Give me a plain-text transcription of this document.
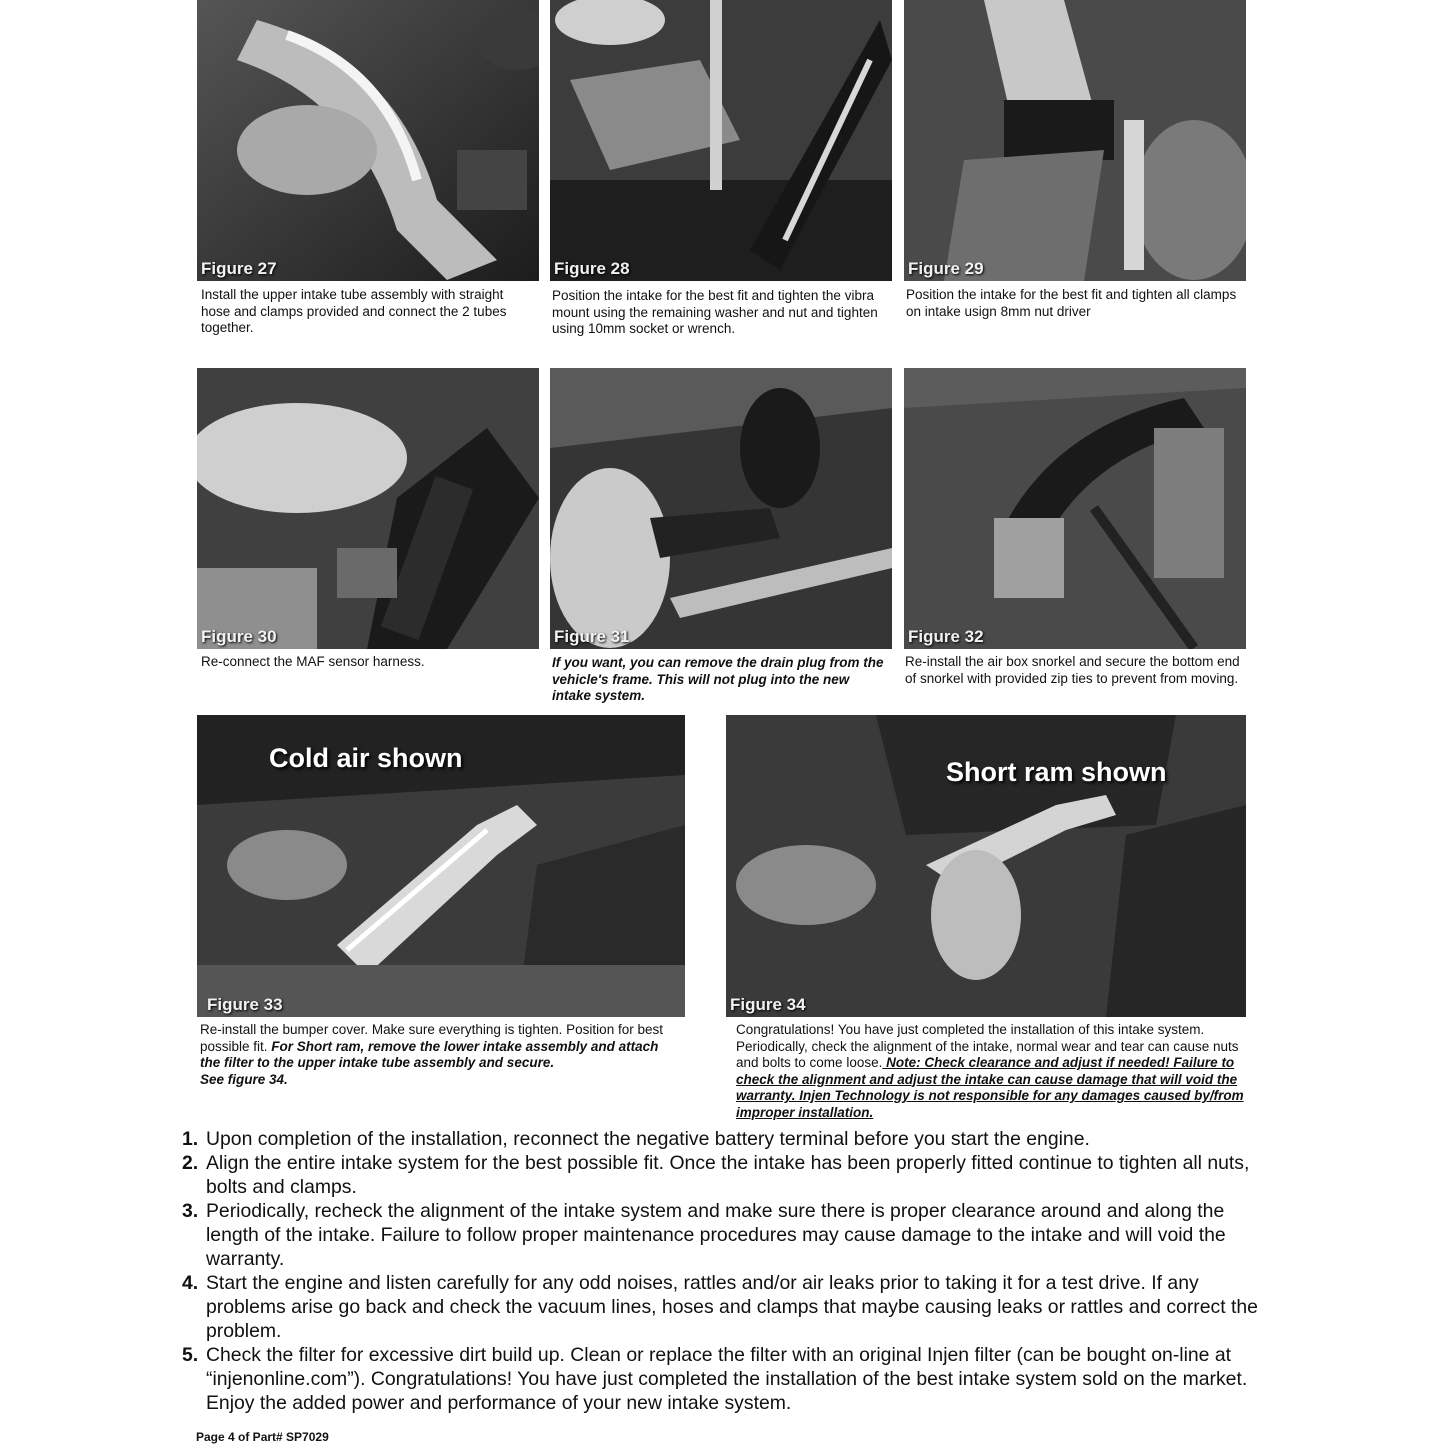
Figure 27
Install the upper intake tube assembly with straight hose and clamps provided and connect the 2 tubes together.
Figure 28
Position the intake for the best fit and tighten the vibra mount using the remaining washer and nut and tighten using 10mm socket or wrench.
Figure 29
Position the intake for the best fit and tighten all clamps on intake usign 8mm nut driver
Figure 30
Re-connect the MAF sensor harness.
Figure 31
If you want, you can remove the drain plug from the vehicle's frame. This will not plug into the new intake system.
Figure 32
Re-install the air box snorkel and secure the bottom end of snorkel with provided zip ties to prevent from moving.
Cold air shown
Figure 33
Re-install the bumper cover. Make sure everything is tighten. Position for best possible fit. For Short ram, remove the lower intake assembly and attach the filter to the upper intake tube assembly and secure.
See figure 34.
Short ram shown
Figure 34
Congratulations! You have just completed the installation of this intake system. Periodically, check the alignment of the intake, normal wear and tear can cause nuts and bolts to come loose. Note: Check clearance and adjust if needed! Failure to check the alignment and adjust the intake can cause damage that will void the warranty. Injen Technology is not responsible for any damages caused by/from improper installation.
1. Upon completion of the installation, reconnect the negative battery terminal before you start the engine.
2. Align the entire intake system for the best possible fit. Once the intake has been properly fitted continue to tighten all nuts, bolts and clamps.
3. Periodically, recheck the alignment of the intake system and make sure there is proper clearance around and along the length of the intake. Failure to follow proper maintenance procedures may cause damage to the intake and will void the warranty.
4. Start the engine and listen carefully for any odd noises, rattles and/or air leaks prior to taking it for a test drive. If any problems arise go back and check the vacuum lines, hoses and clamps that maybe causing leaks or rattles and correct the problem.
5. Check the filter for excessive dirt build up. Clean or replace the filter with an original Injen filter (can be bought on-line at “injenonline.com”). Congratulations! You have just completed the installation of the best intake system sold on the market. Enjoy the added power and performance of your new intake system.
Page 4 of Part# SP7029
